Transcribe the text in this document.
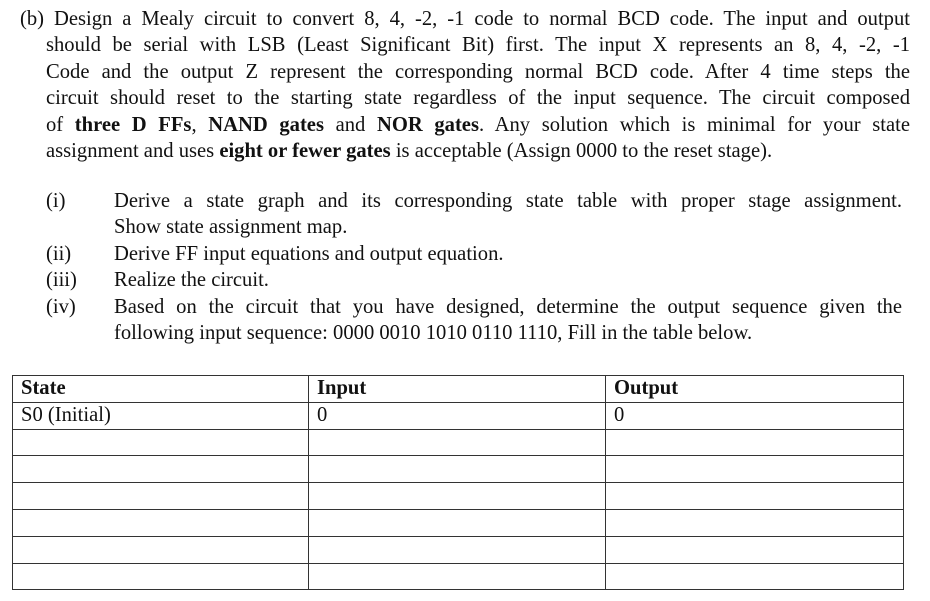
(b) Design a Mealy circuit to convert 8, 4, -2, -1 code to normal BCD code. The input and output
should be serial with LSB (Least Significant Bit) first. The input X represents an 8, 4, -2, -1
Code and the output Z represent the corresponding normal BCD code. After 4 time steps the
circuit should reset to the starting state regardless of the input sequence. The circuit composed
of three D FFs, NAND gates and NOR gates. Any solution which is minimal for your state
assignment and uses eight or fewer gates is acceptable (Assign 0000 to the reset stage).
(i) Derive a state graph and its corresponding state table with proper stage assignment.
Show state assignment map.
(ii) Derive FF input equations and output equation.
(iii) Realize the circuit.
(iv) Based on the circuit that you have designed, determine the output sequence given the
following input sequence: 0000 0010 1010 0110 1110, Fill in the table below.
State	Input	Output
S0 (Initial)	0	0
